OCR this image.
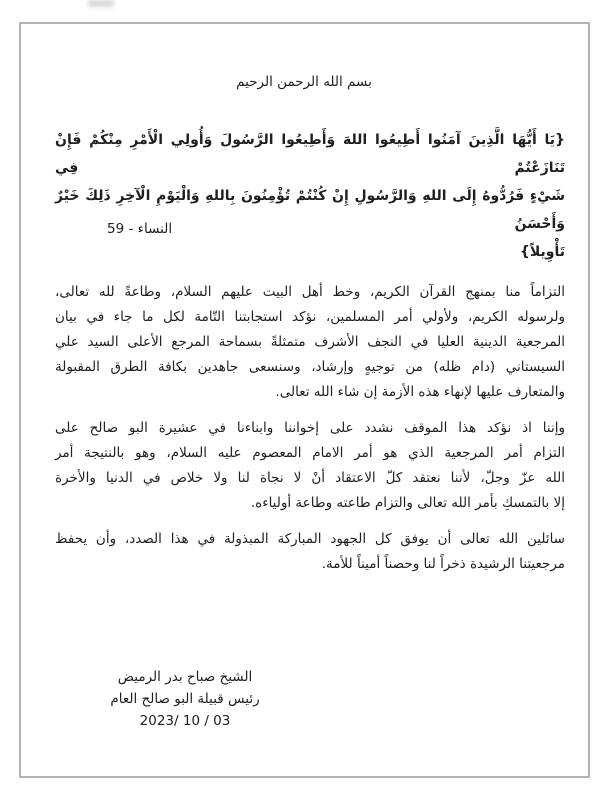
بسم الله الرحمن الرحيم
{يَا أَيُّهَا الَّذِينَ آمَنُوا أَطِيعُوا اللهَ وَأَطِيعُوا الرَّسُولَ وَأُولِي الْأَمْرِ مِنْكُمْ فَإِنْ تَنَازَعْتُمْ فِي
شَيْءٍ فَرُدُّوهُ إِلَى اللهِ وَالرَّسُولِ إِنْ كُنْتُمْ تُؤْمِنُونَ بِاللهِ وَالْيَوْمِ الْآخِرِ ذَلِكَ خَيْرٌ وَأَحْسَنُ
تَأْوِيلاً}
النساء - 59
التزاماً منا بمنهج القرآن الكريم، وخط أهل البيت عليهم السلام، وطاعةً لله تعالى،
ولرسوله الكريم، ولأولي أمر المسلمين، نؤكد استجابتنا التّامة لكل ما جاء في بيان
المرجعية الدينية العليا في النجف الأشرف متمثلةً بسماحة المرجع الأعلى السيد علي
السيستاني (دام ظله) من توجيهٍ وإرشاد، وسنسعى جاهدين بكافة الطرق المقبولة
والمتعارف عليها لإنهاء هذه الأزمة إن شاء الله تعالى.
وإننا اذ نؤكد هذا الموقف نشدد على إخواننا وابناءنا في عشيرة البو صالح على
التزام أمر المرجعية الذي هو أمر الامام المعصوم عليه السلام، وهو بالنتيجة أمر
الله عزّ وجلّ، لأننا نعتقد كلّ الاعتقاد أنْ لا نجاة لنا ولا خلاص في الدنيا والأخرة
إلا بالتمسكِ بأمر الله تعالى والتزام طاعته وطاعة أولياءه.
سائلين الله تعالى أن يوفق كل الجهود المباركة المبذولة في هذا الصدد، وأن يحفظ
مرجعيتنا الرشيدة ذخراً لنا وحصناً أميناً للأمة.
الشيخ صباح بدر الرميض
رئيس قبيلة البو صالح العام
2023/ 10 / 03
